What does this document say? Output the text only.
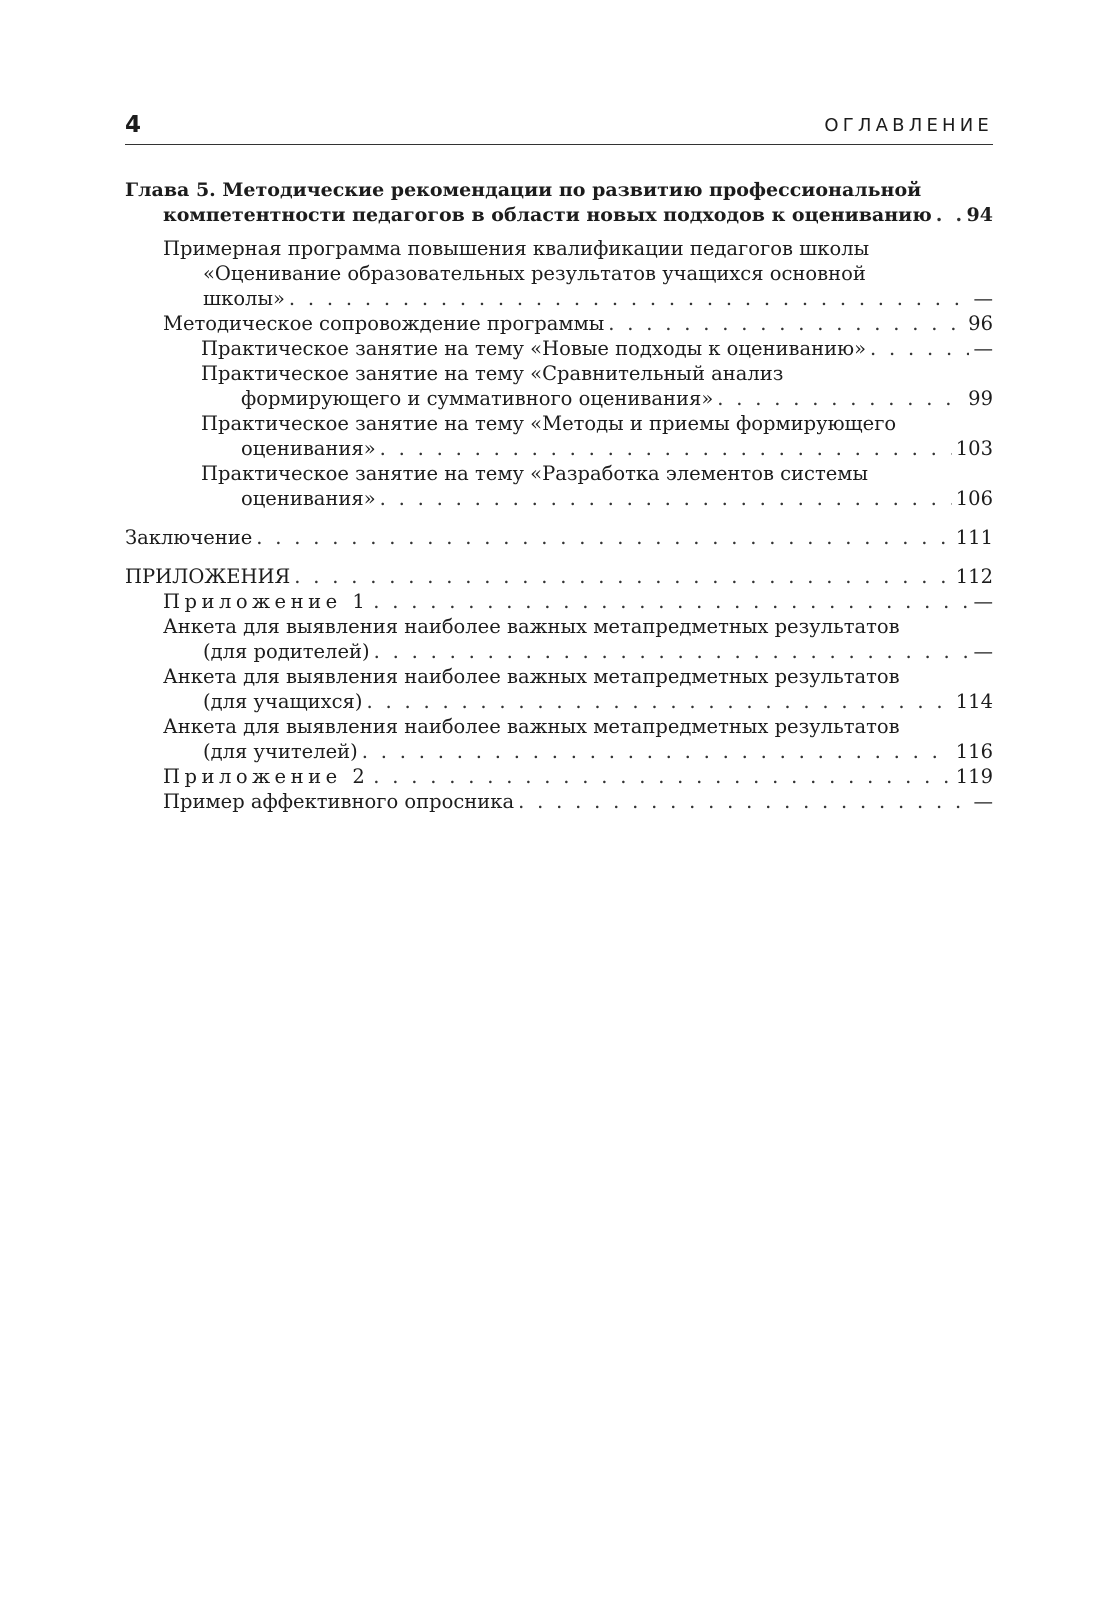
4	ОГЛАВЛЕНИЕ
Глава 5. Методические рекомендации по развитию профессиональной
компетентности педагогов в области новых подходов к оцениванию . . . 94
Примерная программа повышения квалификации педагогов школы
«Оценивание образовательных результатов учащихся основной
школы» . . .	—
Методическое сопровождение программы . . .	96
Практическое занятие на тему «Новые подходы к оцениванию» . . .	—
Практическое занятие на тему «Сравнительный анализ
формирующего и суммативного оценивания» . . .	99
Практическое занятие на тему «Методы и приемы формирующего
оценивания» . . .	103
Практическое занятие на тему «Разработка элементов системы
оценивания» . . .	106
Заключение . . .	111
ПРИЛОЖЕНИЯ . . .	112
Приложение 1 . . .	—
Анкета для выявления наиболее важных метапредметных результатов
(для родителей) . . .	—
Анкета для выявления наиболее важных метапредметных результатов
(для учащихся) . . .	114
Анкета для выявления наиболее важных метапредметных результатов
(для учителей) . . .	116
Приложение 2 . . .	119
Пример аффективного опросника . . .	—
